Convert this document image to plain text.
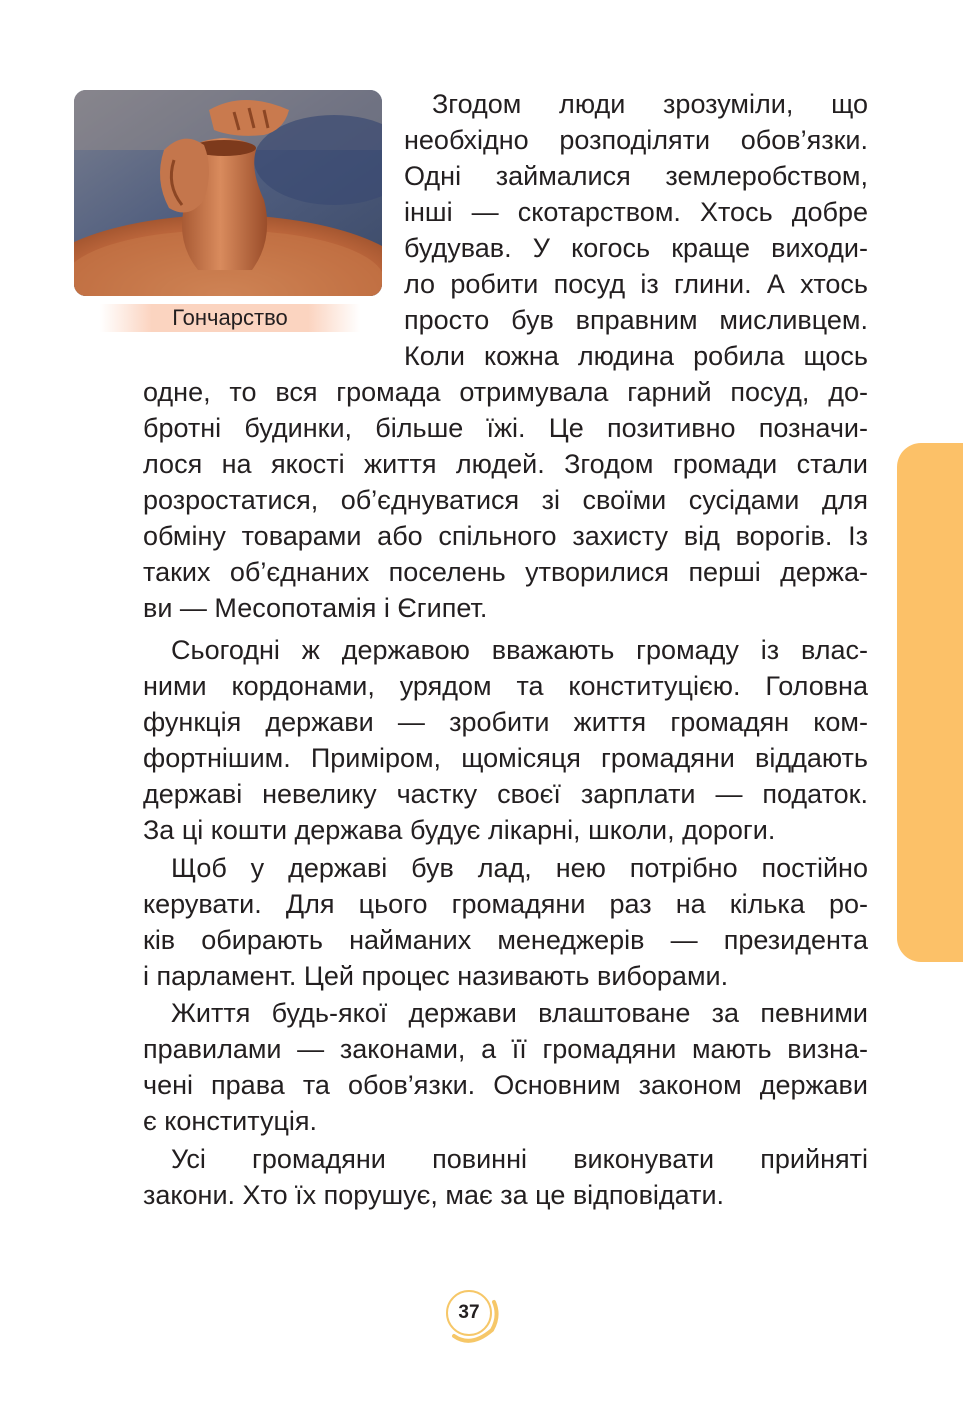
Гончарство
Згодом люди зрозуміли, що
необхідно розподіляти обов’язки.
Одні займалися землеробством,
інші — скотарством. Хтось добре
будував. У когось краще виходи-
ло робити посуд із глини. А хтось
просто був вправним мисливцем.
Коли кожна людина робила щось
одне, то вся громада отримувала гарний посуд, до-
бротні будинки, більше їжі. Це позитивно позначи-
лося на якості життя людей. Згодом громади стали
розростатися, об’єднуватися зі своїми сусідами для
обміну товарами або спільного захисту від ворогів. Із
таких об’єднаних поселень утворилися перші держа-
ви — Месопотамія і Єгипет.
Сьогодні ж державою вважають громаду із влас-
ними кордонами, урядом та конституцією. Головна
функція держави — зробити життя громадян ком-
фортнішим. Приміром, щомісяця громадяни віддають
державі невелику частку своєї зарплати — податок.
За ці кошти держава будує лікарні, школи, дороги.
Щоб у державі був лад, нею потрібно постійно
керувати. Для цього громадяни раз на кілька ро-
ків обирають найманих менеджерів — президента
і парламент. Цей процес називають виборами.
Життя будь-якої держави влаштоване за певними
правилами — законами, а її громадяни мають визна-
чені права та обов’язки. Основним законом держави
є конституція.
Усі громадяни повинні виконувати прийняті
закони. Хто їх порушує, має за це відповідати.
37
